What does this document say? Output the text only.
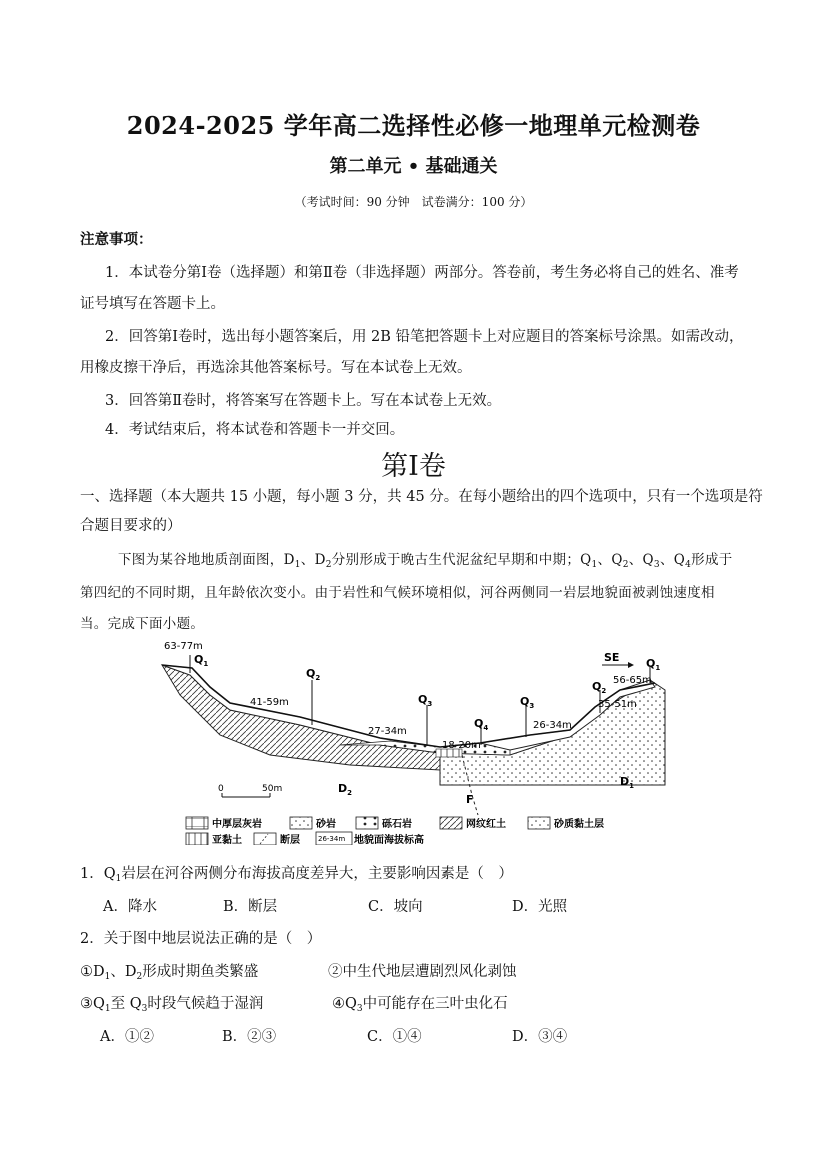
2024-2025 学年高二选择性必修一地理单元检测卷
第二单元 • 基础通关
（考试时间：90 分钟　试卷满分：100 分）
注意事项：
1．本试卷分第Ⅰ卷（选择题）和第Ⅱ卷（非选择题）两部分。答卷前，考生务必将自己的姓名、准考
证号填写在答题卡上。
2．回答第Ⅰ卷时，选出每小题答案后，用 2B 铅笔把答题卡上对应题目的答案标号涂黑。如需改动，
用橡皮擦干净后，再选涂其他答案标号。写在本试卷上无效。
3．回答第Ⅱ卷时，将答案写在答题卡上。写在本试卷上无效。
4．考试结束后，将本试卷和答题卡一并交回。
第Ⅰ卷
一、选择题（本大题共 15 小题，每小题 3 分，共 45 分。在每小题给出的四个选项中，只有一个选项是符
合题目要求的）
下图为某谷地地质剖面图，$D_1$、$D_2$分别形成于晚古生代泥盆纪早期和中期；$Q_1$、$Q_2$、$Q_3$、$Q_4$形成于
第四纪的不同时期，且年龄依次变小。由于岩性和气候环境相似，河谷两侧同一岩层地貌面被剥蚀速度相
当。完成下面小题。
63-77m
$Q_1$
41-59m
$Q_2$
27-34m
$Q_3$
$Q_4$
18-20m
$Q_3$
26-34m
$Q_2$
35-51m
56-65m
$Q_1$
SE
$D_2$
$D_1$
F
0	50m
中厚层灰岩	砂岩	砾石岩	网纹红土	砂质黏土层
亚黏土	断层	26-34m 地貌面海拔标高
1．$Q_1$岩层在河谷两侧分布海拔高度差异大，主要影响因素是（　）
A．降水	B．断层	C．坡向	D．光照
2．关于图中地层说法正确的是（　）
$①D_1$、$D_2$形成时期鱼类繁盛	②中生代地层遭剧烈风化剥蚀
$③Q_1$至 $Q_3$时段气候趋于湿润	$④Q_3$中可能存在三叶虫化石
A．①②	B．②③	C．①④	D．③④
